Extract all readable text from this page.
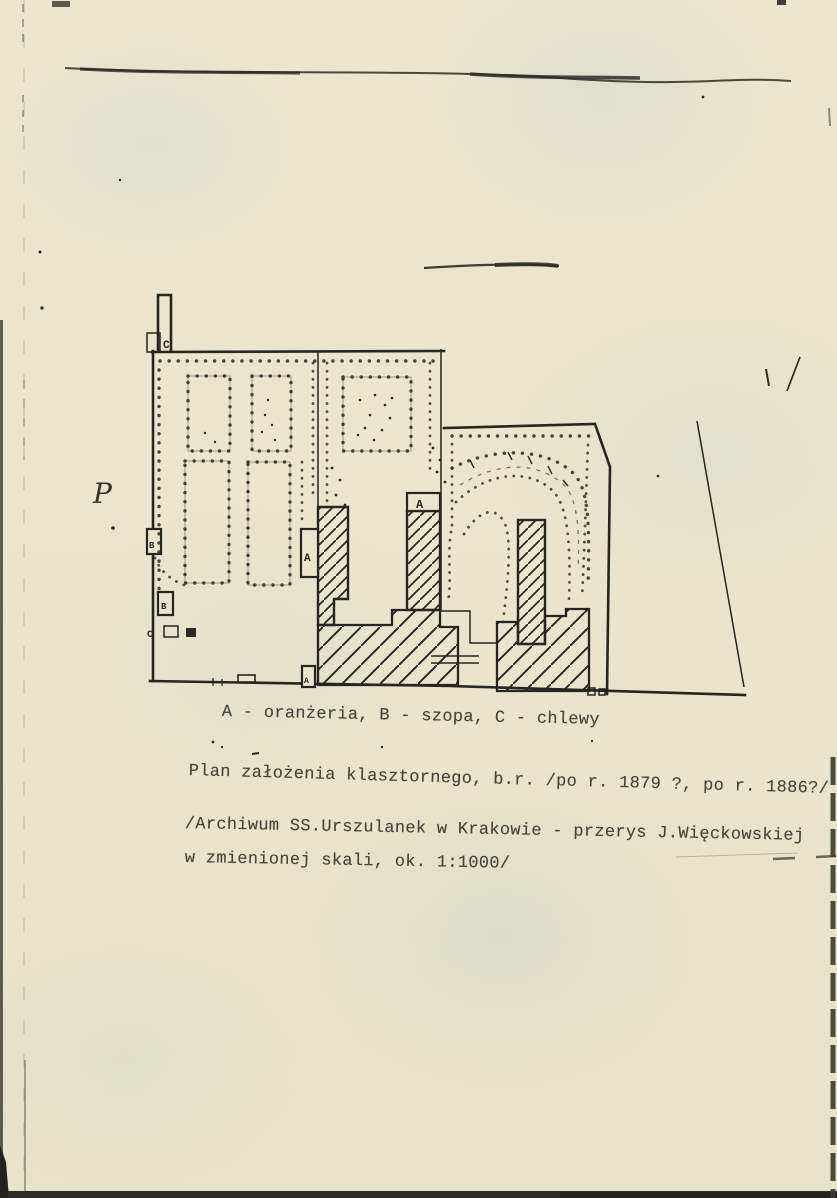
C
B
B
C
A
A
A
P
A - oranżeria, B - szopa, C - chlewy
Plan założenia klasztornego, b.r. /po r. 1879 ?, po r. 1886?/
/Archiwum SS.Urszulanek w Krakowie - przerys J.Więckowskiej
w zmienionej skali, ok. 1:1000/
